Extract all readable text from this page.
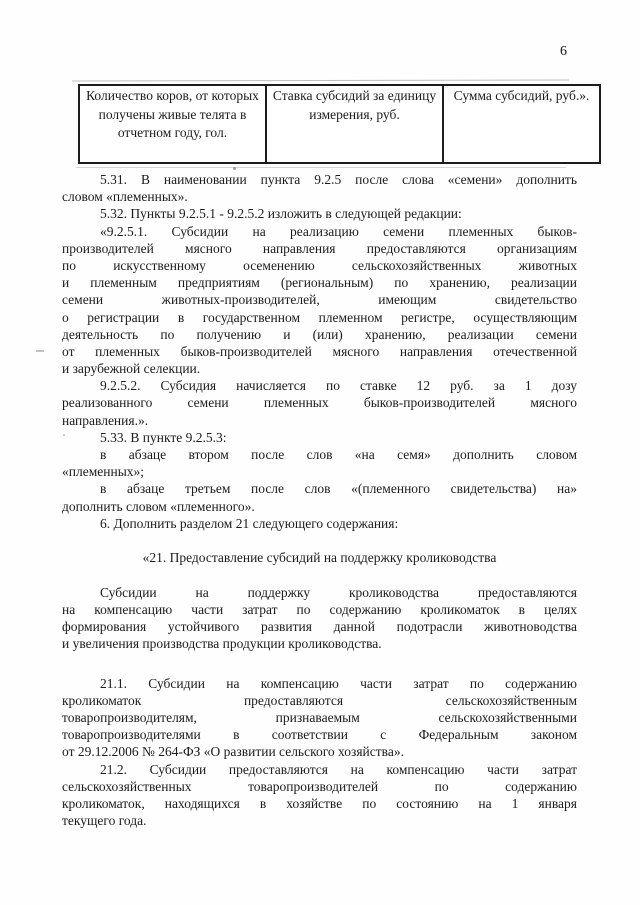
6
Количество коров, от которых получены живые телята в отчетном году, гол.	Ставка субсидий за единицу измерения, руб.	Сумма субсидий, руб.».
5.31. В наименовании пункта 9.2.5 после слова «семени» дополнить
словом «племенных».
5.32. Пункты 9.2.5.1 - 9.2.5.2 изложить в следующей редакции:
«9.2.5.1. Субсидии на реализацию семени племенных быков-
производителей мясного направления предоставляются организациям
по искусственному осеменению сельскохозяйственных животных
и племенным предприятиям (региональным) по хранению, реализации
семени животных-производителей, имеющим свидетельство
о регистрации в государственном племенном регистре, осуществляющим
деятельность по получению и (или) хранению, реализации семени
от племенных быков-производителей мясного направления отечественной
и зарубежной селекции.
9.2.5.2. Субсидия начисляется по ставке 12 руб. за 1 дозу
реализованного семени племенных быков-производителей мясного
направления.».
5.33. В пункте 9.2.5.3:
в абзаце втором после слов «на семя» дополнить словом
«племенных»;
в абзаце третьем после слов «(племенного свидетельства) на»
дополнить словом «племенного».
6. Дополнить разделом 21 следующего содержания:
«21. Предоставление субсидий на поддержку кролиководства
Субсидии на поддержку кролиководства предоставляются
на компенсацию части затрат по содержанию кроликоматок в целях
формирования устойчивого развития данной подотрасли животноводства
и увеличения производства продукции кролиководства.
21.1. Субсидии на компенсацию части затрат по содержанию
кроликоматок предоставляются сельскохозяйственным
товаропроизводителям, признаваемым сельскохозяйственными
товаропроизводителями в соответствии с Федеральным законом
от 29.12.2006 № 264-ФЗ «О развитии сельского хозяйства».
21.2. Субсидии предоставляются на компенсацию части затрат
сельскохозяйственных товаропроизводителей по содержанию
кроликоматок, находящихся в хозяйстве по состоянию на 1 января
текущего года.
